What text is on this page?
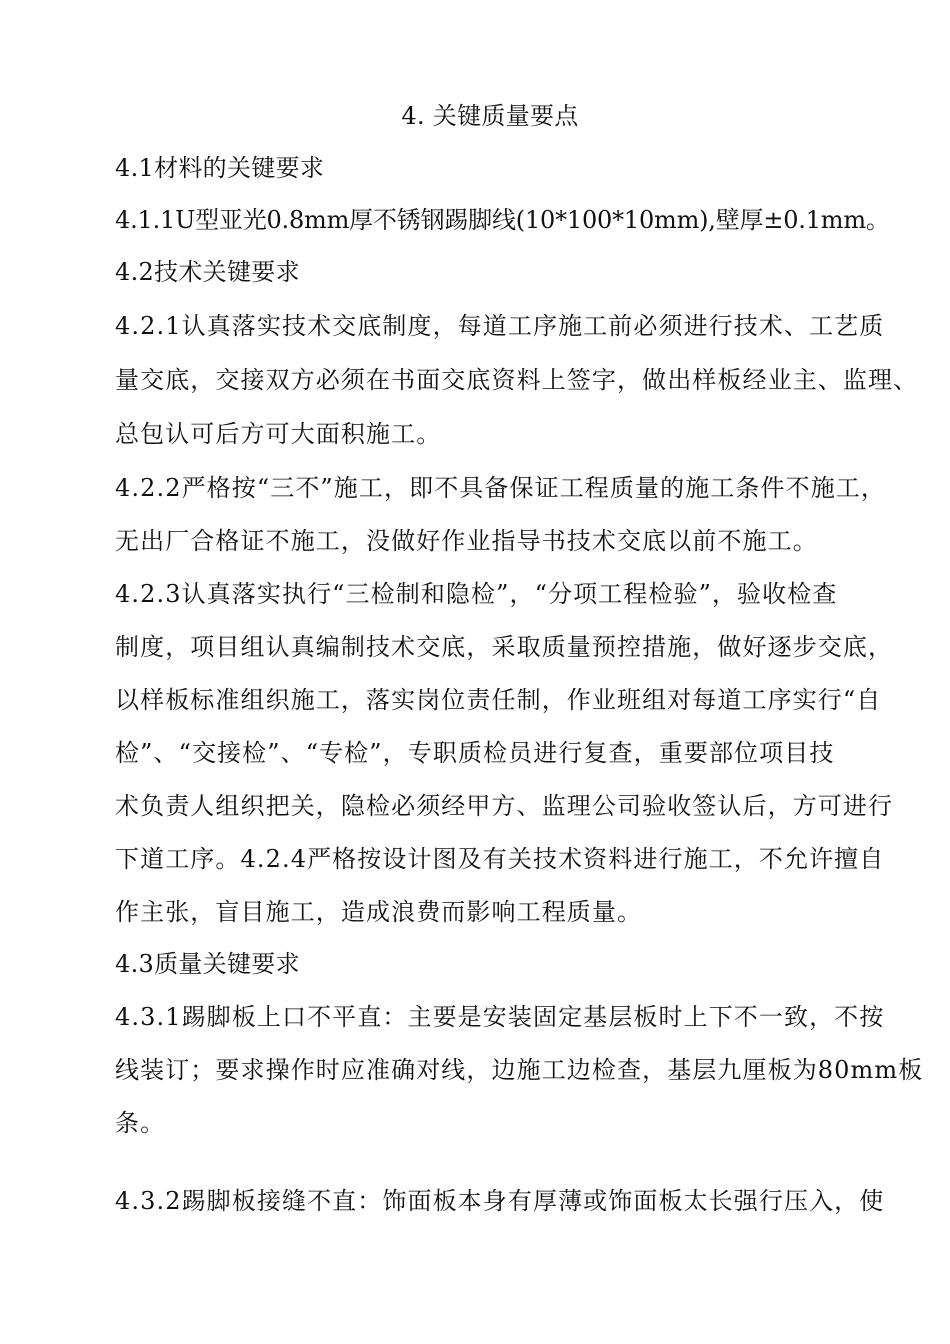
4. 关键质量要点
4.1材料的关键要求
4.1.1U型亚光0.8mm厚不锈钢踢脚线(10*100*10mm),壁厚±0.1mm。
4.2技术关键要求
4.2.1认真落实技术交底制度，每道工序施工前必须进行技术、工艺质
量交底，交接双方必须在书面交底资料上签字，做出样板经业主、监理、
总包认可后方可大面积施工。
4.2.2严格按“三不”施工，即不具备保证工程质量的施工条件不施工，
无出厂合格证不施工，没做好作业指导书技术交底以前不施工。
4.2.3认真落实执行“三检制和隐检”，“分项工程检验”，验收检查
制度，项目组认真编制技术交底，采取质量预控措施，做好逐步交底，
以样板标准组织施工，落实岗位责任制，作业班组对每道工序实行“自
检”、“交接检”、“专检”，专职质检员进行复查，重要部位项目技
术负责人组织把关，隐检必须经甲方、监理公司验收签认后，方可进行
下道工序。4.2.4严格按设计图及有关技术资料进行施工，不允许擅自
作主张，盲目施工，造成浪费而影响工程质量。
4.3质量关键要求
4.3.1踢脚板上口不平直：主要是安装固定基层板时上下不一致，不按
线装订；要求操作时应准确对线，边施工边检查，基层九厘板为80mm板
条。
4.3.2踢脚板接缝不直：饰面板本身有厚薄或饰面板太长强行压入，使
